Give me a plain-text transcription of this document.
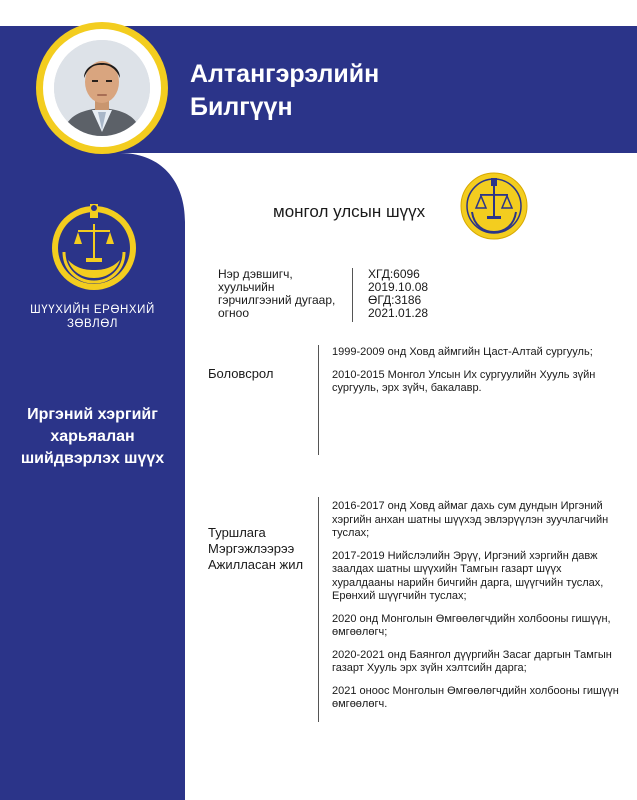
Алтангэрэлийн
Билгүүн
ШҮҮХИЙН ЕРӨНХИЙ
ЗӨВЛӨЛ
Иргэний хэргийг
харьяалан
шийдвэрлэх шүүх
монгол улсын шүүх
Нэр дэвшигч,
хуульчийн
гэрчилгээний дугаар,
огноо
ХГД:6096
2019.10.08
ӨГД:3186
2021.01.28
Боловсрол

1999-2009 онд Ховд аймгийн Цаст-Алтай сургууль;

2010-2015 Монгол Улсын Их сургуулийн Хууль зүйн сургууль, эрх зүйч, бакалавр.

Туршлага
Мэргэжлээрээ
Ажилласан жил

2016-2017 онд Ховд аймаг дахь сум дундын Иргэний хэргийн анхан шатны шүүхэд эвлэрүүлэн зуучлагчийн туслах;

2017-2019 Нийслэлийн Эрүү, Иргэний хэргийн давж заалдах шатны шүүхийн Тамгын газарт шүүх хуралдааны нарийн бичгийн дарга, шүүгчийн туслах, Ерөнхий шүүгчийн туслах;

2020 онд Монголын Өмгөөлөгчдийн холбооны гишүүн, өмгөөлөгч;

2020-2021 онд Баянгол дүүргийн Засаг даргын Тамгын газарт Хууль эрх зүйн хэлтсийн дарга;

2021 оноос Монголын Өмгөөлөгчдийн холбооны гишүүн өмгөөлөгч.
